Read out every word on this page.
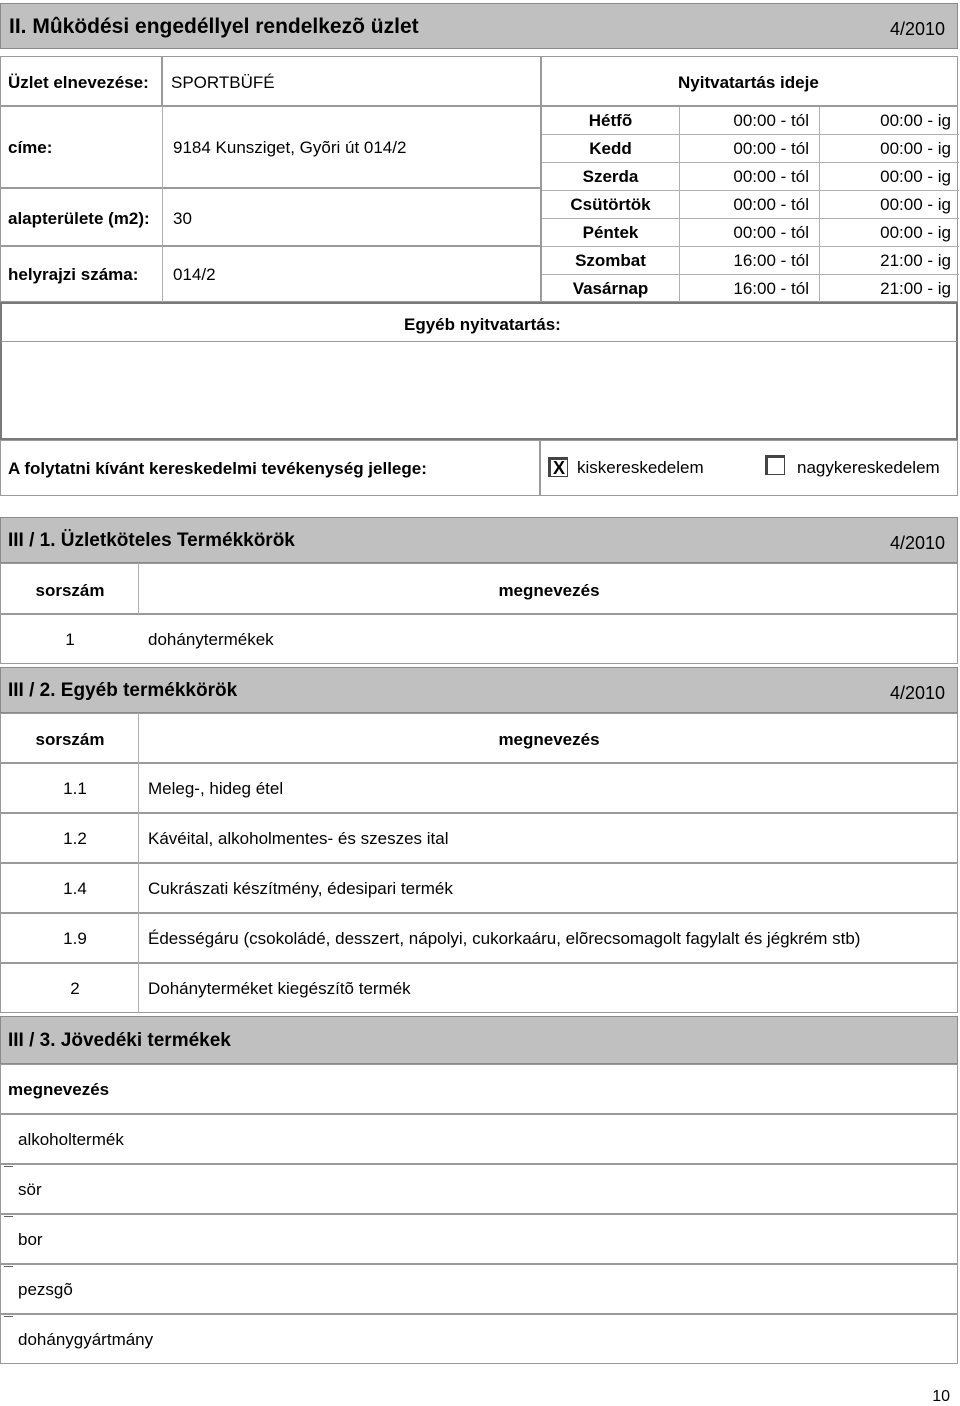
II. Mûködési engedéllyel rendelkezõ üzlet	4/2010
Üzlet elnevezése: SPORTBÜFÉ
címe:	9184 Kunsziget, Gyõri út 014/2
alapterülete (m2): 30
helyrajzi száma: 014/2
Nyitvatartás ideje
Hétfõ	00:00 - tól	00:00 - ig
Kedd	00:00 - tól	00:00 - ig
Szerda	00:00 - tól	00:00 - ig
Csütörtök	00:00 - tól	00:00 - ig
Péntek	00:00 - tól	00:00 - ig
Szombat	16:00 - tól	21:00 - ig
Vasárnap	16:00 - tól	21:00 - ig
Egyéb nyitvatartás:
A folytatni kívánt kereskedelmi tevékenység jellege:	X kiskereskedelem	nagykereskedelem
III / 1. Üzletköteles Termékkörök	4/2010
sorszám	megnevezés
1	dohánytermékek
III / 2. Egyéb termékkörök	4/2010
sorszám	megnevezés
1.1	Meleg-, hideg étel
1.2	Kávéital, alkoholmentes- és szeszes ital
1.4	Cukrászati készítmény, édesipari termék
1.9	Édességáru (csokoládé, desszert, nápolyi, cukorkaáru, elõrecsomagolt fagylalt és jégkrém stb)
2	Dohányterméket kiegészítõ termék
III / 3. Jövedéki termékek
megnevezés
alkoholtermék
sör
bor
pezsgõ
dohánygyártmány
10
